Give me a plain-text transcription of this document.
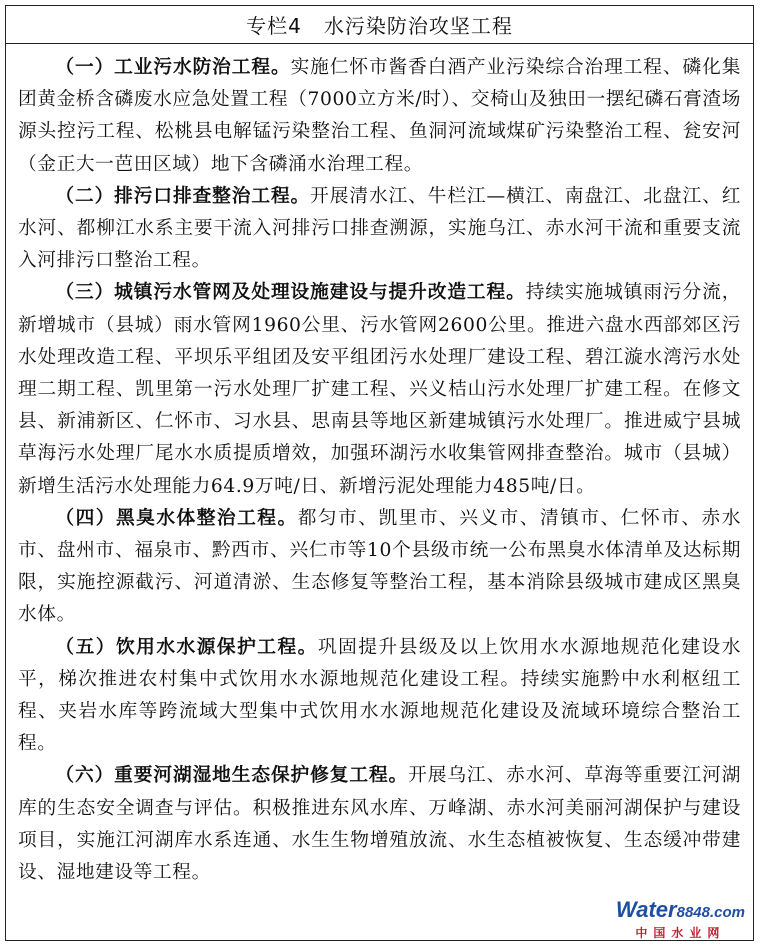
专栏4 水污染防治攻坚工程

（一）工业污水防治工程。实施仁怀市酱香白酒产业污染综合治理工程、磷化集团黄金桥含磷废水应急处置工程（7000立方米/时）、交椅山及独田一摆纪磷石膏渣场源头控污工程、松桃县电解锰污染整治工程、鱼洞河流域煤矿污染整治工程、瓮安河（金正大一芭田区域）地下含磷涌水治理工程。

（二）排污口排查整治工程。开展清水江、牛栏江—横江、南盘江、北盘江、红水河、都柳江水系主要干流入河排污口排查溯源，实施乌江、赤水河干流和重要支流入河排污口整治工程。

（三）城镇污水管网及处理设施建设与提升改造工程。持续实施城镇雨污分流，新增城市（县城）雨水管网1960公里、污水管网2600公里。推进六盘水西部郊区污水处理改造工程、平坝乐平组团及安平组团污水处理厂建设工程、碧江漩水湾污水处理二期工程、凯里第一污水处理厂扩建工程、兴义桔山污水处理厂扩建工程。在修文县、新浦新区、仁怀市、习水县、思南县等地区新建城镇污水处理厂。推进威宁县城草海污水处理厂尾水水质提质增效，加强环湖污水收集管网排查整治。城市（县城）新增生活污水处理能力64.9万吨/日、新增污泥处理能力485吨/日。

（四）黑臭水体整治工程。都匀市、凯里市、兴义市、清镇市、仁怀市、赤水市、盘州市、福泉市、黔西市、兴仁市等10个县级市统一公布黑臭水体清单及达标期限，实施控源截污、河道清淤、生态修复等整治工程，基本消除县级城市建成区黑臭水体。

（五）饮用水水源保护工程。巩固提升县级及以上饮用水水源地规范化建设水平，梯次推进农村集中式饮用水水源地规范化建设工程。持续实施黔中水利枢纽工程、夹岩水库等跨流域大型集中式饮用水水源地规范化建设及流域环境综合整治工程。

（六）重要河湖湿地生态保护修复工程。开展乌江、赤水河、草海等重要江河湖库的生态安全调查与评估。积极推进东风水库、万峰湖、赤水河美丽河湖保护与建设项目，实施江河湖库水系连通、水生生物增殖放流、水生态植被恢复、生态缓冲带建设、湿地建设等工程。

Water8848.com
中国水业网
